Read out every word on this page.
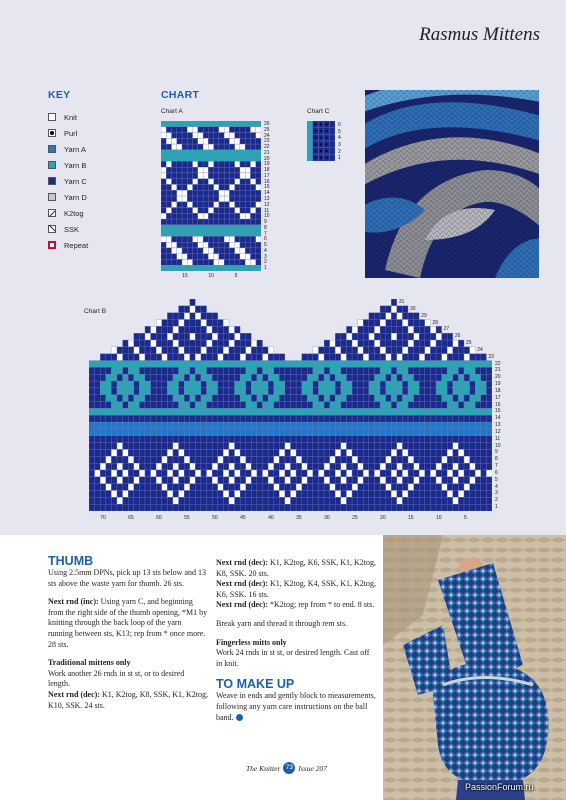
Rasmus Mittens
KEY	CHART
Knit
Purl
Yarn A
Yarn B
Yarn C
Yarn D
K2tog
SSK
Repeat
Chart A
26
25
24
23
22
21
20
19
18
17
16
15
14
13
12
11
10
9
8
7
6
5
4
3
2
1
15	10	5
Chart C
6
5
4
3
2
1
Chart B
31
30
29
28
27
26
25
24
23
22
21
20
19
18
17
16
15
14
13
12
11
10
9
8
7
6
5
4
3
2
1
70	65	60	55	50	45	40	35	30	25	20	15	10	5
THUMB

Using 2.5mm DPNs, pick up 13 sts below and 13 sts above the waste yarn for thumb. 26 sts.

Next rnd (inc): Using yarn C, and beginning from the right side of the thumb opening, *M1 by knitting through the back loop of the yarn running between sts, K13; rep from * once more.
28 sts.

Traditional mittens only
Work another 26 rnds in st st, or to desired length.
Next rnd (dec): K1, K2tog, K8, SSK, K1, K2tog, K10, SSK. 24 sts.
Next rnd (dec): K1, K2tog, K6, SSK, K1, K2tog, K8, SSK. 20 sts.
Next rnd (dec): K1, K2tog, K4, SSK, K1, K2tog, K6, SSK. 16 sts.

Next rnd (dec): *K2tog; rep from * to end. 8 sts.

Break yarn and thread it through rem sts.

Fingerless mitts only

Work 24 rnds in st st, or desired length. Cast off in knit.

TO MAKE UP
Weave in ends and gently block to measurements, following any yarn care instructions on the ball band.
The Knitter 73 Issue 207
PassionForum.ru
